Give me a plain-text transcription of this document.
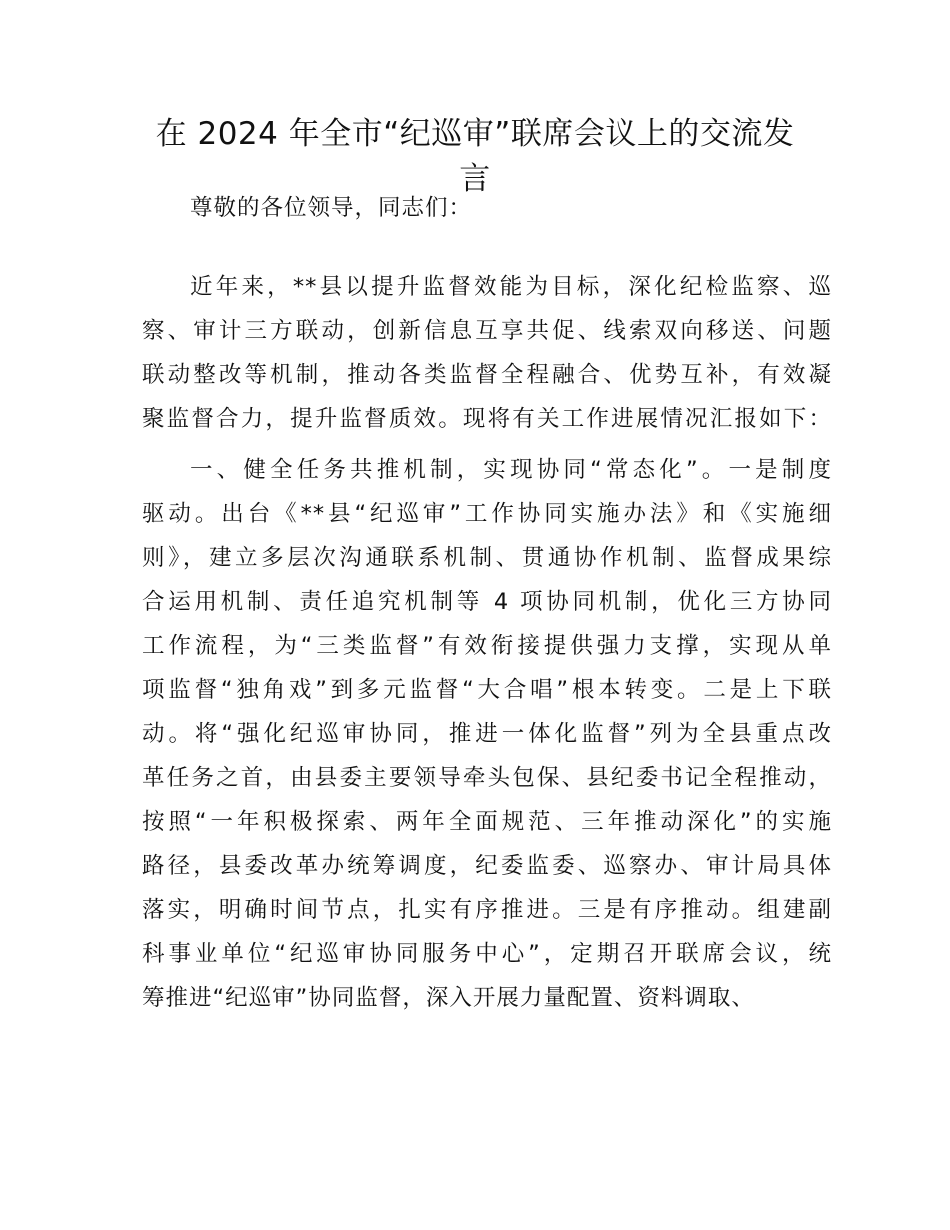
在 2024 年全市“纪巡审”联席会议上的交流发言

尊敬的各位领导，同志们：

近年来，**县以提升监督效能为目标，深化纪检监察、巡

察、审计三方联动，创新信息互享共促、线索双向移送、问题

联动整改等机制，推动各类监督全程融合、优势互补，有效凝

聚监督合力，提升监督质效。现将有关工作进展情况汇报如下：

一、健全任务共推机制，实现协同“常态化”。一是制度

驱动。出台《**县“纪巡审”工作协同实施办法》和《实施细

则》，建立多层次沟通联系机制、贯通协作机制、监督成果综

合运用机制、责任追究机制等 4 项协同机制，优化三方协同

工作流程，为“三类监督”有效衔接提供强力支撑，实现从单

项监督“独角戏”到多元监督“大合唱”根本转变。二是上下联

动。将“强化纪巡审协同，推进一体化监督”列为全县重点改

革任务之首，由县委主要领导牵头包保、县纪委书记全程推动，

按照“一年积极探索、两年全面规范、三年推动深化”的实施

路径，县委改革办统筹调度，纪委监委、巡察办、审计局具体

落实，明确时间节点，扎实有序推进。三是有序推动。组建副

科事业单位“纪巡审协同服务中心”，定期召开联席会议，统

筹推进“纪巡审”协同监督，深入开展力量配置、资料调取、
